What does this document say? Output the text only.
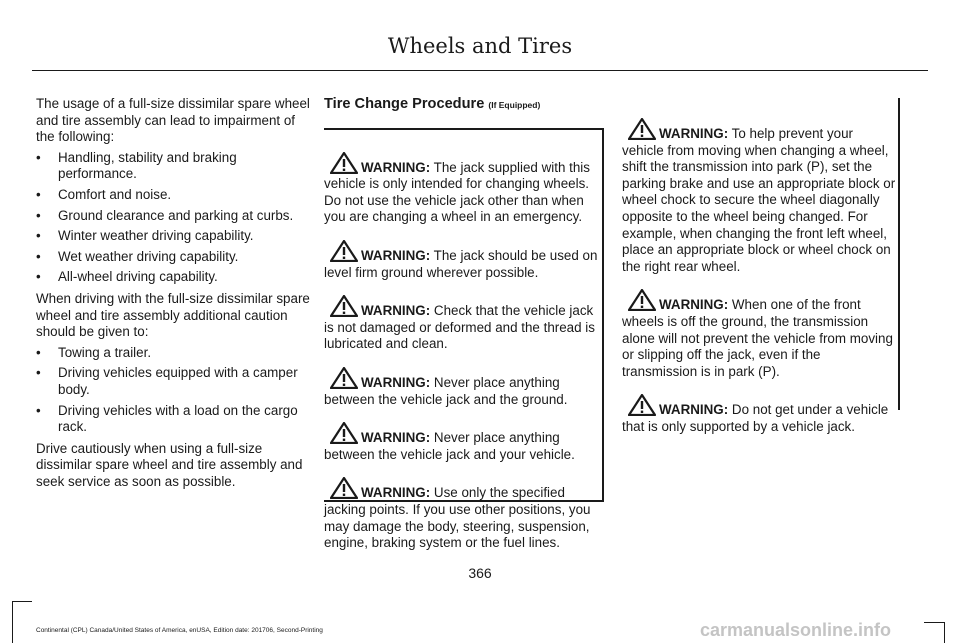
Wheels and Tires

The usage of a full-size dissimilar spare wheel and tire assembly can lead to impairment of the following:

•	Handling, stability and braking performance.
•	Comfort and noise.
•	Ground clearance and parking at curbs.
•	Winter weather driving capability.
•	Wet weather driving capability.
•	All-wheel driving capability.

When driving with the full-size dissimilar spare wheel and tire assembly additional caution should be given to:

•	Towing a trailer.
•	Driving vehicles equipped with a camper body.
•	Driving vehicles with a load on the cargo rack.

Drive cautiously when using a full-size dissimilar spare wheel and tire assembly and seek service as soon as possible.

Tire Change Procedure (If Equipped)

WARNING: The jack supplied with this vehicle is only intended for changing wheels. Do not use the vehicle jack other than when you are changing a wheel in an emergency.

WARNING: The jack should be used on level firm ground wherever possible.

WARNING: Check that the vehicle jack is not damaged or deformed and the thread is lubricated and clean.

WARNING: Never place anything between the vehicle jack and the ground.

WARNING: Never place anything between the vehicle jack and your vehicle.

WARNING: Use only the specified jacking points. If you use other positions, you may damage the body, steering, suspension, engine, braking system or the fuel lines.

WARNING: To help prevent your vehicle from moving when changing a wheel, shift the transmission into park (P), set the parking brake and use an appropriate block or wheel chock to secure the wheel diagonally opposite to the wheel being changed. For example, when changing the front left wheel, place an appropriate block or wheel chock on the right rear wheel.

WARNING: When one of the front wheels is off the ground, the transmission alone will not prevent the vehicle from moving or slipping off the jack, even if the transmission is in park (P).

WARNING: Do not get under a vehicle that is only supported by a vehicle jack.

366
Continental (CPL) Canada/United States of America, enUSA, Edition date: 201706, Second-Printing	carmanualsonline.info
